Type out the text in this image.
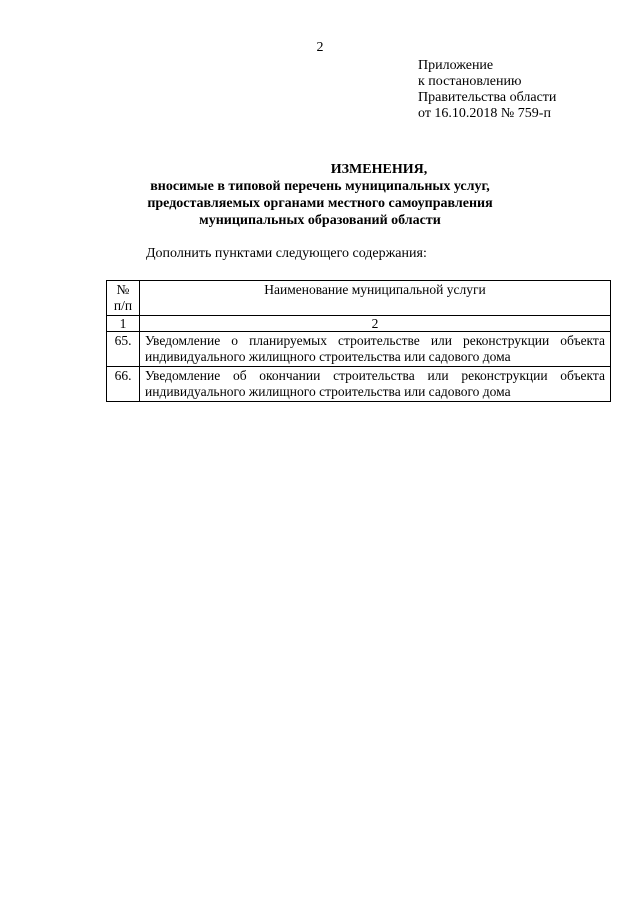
2
Приложение
к постановлению
Правительства области
от 16.10.2018 № 759-п
ИЗМЕНЕНИЯ,
вносимые в типовой перечень муниципальных услуг,
предоставляемых органами местного самоуправления
муниципальных образований области
Дополнить пунктами следующего содержания:
№
п/п	Наименование муниципальной услуги
1	2
65.	Уведомление о планируемых строительстве или реконструкции объекта индивидуального жилищного строительства или садового дома
66.	Уведомление об окончании строительства или реконструкции объекта индивидуального жилищного строительства или садового дома
